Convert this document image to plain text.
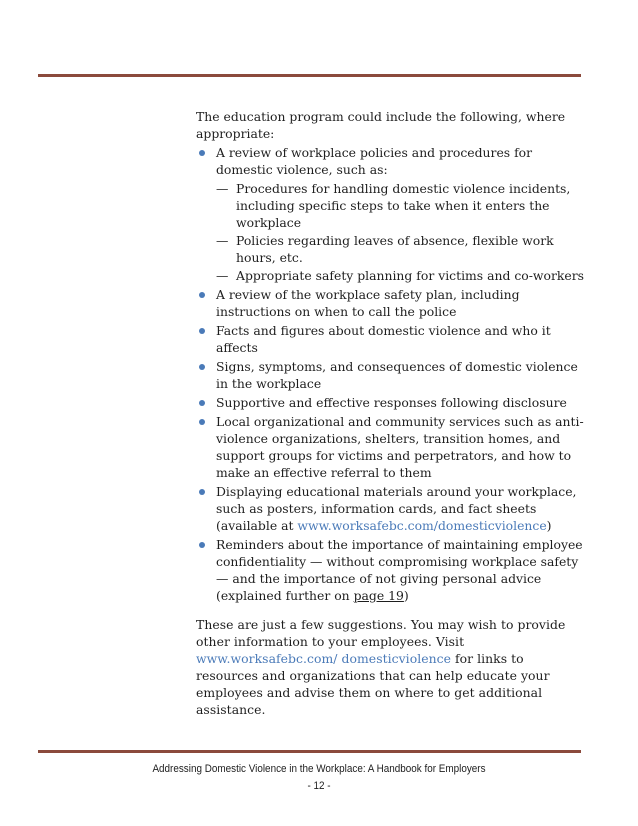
The education program could include the following, where appropriate:

A review of workplace policies and procedures for domestic violence, such as:
— Procedures for handling domestic violence incidents, including specific steps to take when it enters the workplace
— Policies regarding leaves of absence, flexible work hours, etc.
— Appropriate safety planning for victims and co-workers
A review of the workplace safety plan, including instructions on when to call the police
Facts and figures about domestic violence and who it affects
Signs, symptoms, and consequences of domestic violence in the workplace
Supportive and effective responses following disclosure
Local organizational and community services such as anti-violence organizations, shelters, transition homes, and support groups for victims and perpetrators, and how to make an effective referral to them
Displaying educational materials around your workplace, such as posters, information cards, and fact sheets
(available at www.worksafebc.com/domesticviolence)
Reminders about the importance of maintaining employee confidentiality — without compromising workplace safety — and the importance of not giving personal advice (explained further on page 19)

These are just a few suggestions. You may wish to provide other information to your employees. Visit www.worksafebc.com/ domesticviolence for links to resources and organizations that can help educate your employees and advise them on where to get additional assistance.

Addressing Domestic Violence in the Workplace: A Handbook for Employers
- 12 -
